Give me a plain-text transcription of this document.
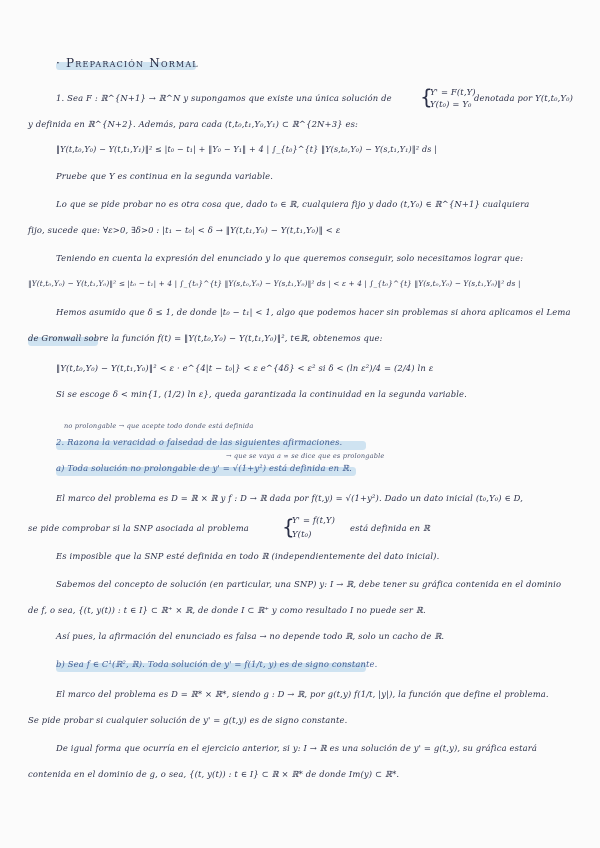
· Preparación Normal
1. Sea F : ℝ^{N+1} → ℝ^N y supongamos que existe una única solución de {
Y' = F(t,Y)
Y(t₀) = Y₀
denotada por Y(t,t₀,Y₀)
y definida en ℝ^{N+2}. Además, para cada (t,t₀,t₁,Y₀,Y₁) ⊂ ℝ^{2N+3} es:
‖Y(t,t₀,Y₀) − Y(t,t₁,Y₁)‖² ≤ |t₀ − t₁| + ‖Y₀ − Y₁‖ + 4 | ∫_{t₀}^{t} ‖Y(s,t₀,Y₀) − Y(s,t₁,Y₁)‖² ds |
Pruebe que Y es continua en la segunda variable.
Lo que se pide probar no es otra cosa que, dado t₀ ∈ ℝ, cualquiera fijo y dado (t,Y₀) ∈ ℝ^{N+1} cualquiera
fijo, sucede que: ∀ε>0, ∃δ>0 : |t₁ − t₀| < δ → ‖Y(t,t₁,Y₀) − Y(t,t₁,Y₀)‖ < ε
Teniendo en cuenta la expresión del enunciado y lo que queremos conseguir, solo necesitamos lograr que:
‖Y(t,t₀,Y₀) − Y(t,t₁,Y₀)‖² ≤ |t₀ − t₁| + 4 | ∫_{t₀}^{t} ‖Y(s,t₀,Y₀) − Y(s,t₁,Y₀)‖² ds | < ε + 4 | ∫_{t₀}^{t} ‖Y(s,t₀,Y₀) − Y(s,t₁,Y₀)‖² ds |
Hemos asumido que δ ≤ 1, de donde |t₀ − t₁| < 1, algo que podemos hacer sin problemas si ahora aplicamos el Lema
de Gronwall sobre la función f(t) = ‖Y(t,t₀,Y₀) − Y(t,t₁,Y₀)‖², t∈ℝ, obtenemos que:
‖Y(t,t₀,Y₀) − Y(t,t₁,Y₀)‖² < ε · e^{4|t − t₀|} < ε e^{4δ} < ε² si δ < (ln ε²)/4 = (2/4) ln ε
Si se escoge δ < min{1, (1/2) ln ε}, queda garantizada la continuidad en la segunda variable.
no prolongable → que acepte todo donde está definida
2. Razona la veracidad o falsedad de las siguientes afirmaciones.
→ que se vaya a ∞ se dice que es prolongable
a) Toda solución no prolongable de y' = √(1+y²) está definida en ℝ.
El marco del problema es D = ℝ × ℝ y f : D → ℝ dada por f(t,y) = √(1+y²). Dado un dato inicial (t₀,Y₀) ∈ D,
se pide comprobar si la SNP asociada al problema {
Y' = f(t,Y)
Y(t₀)
está definida en ℝ
Es imposible que la SNP esté definida en todo ℝ (independientemente del dato inicial).
Sabemos del concepto de solución (en particular, una SNP) y: I → ℝ, debe tener su gráfica contenida en el dominio
de f, o sea, {(t, y(t)) : t ∈ I} ⊂ ℝ⁺ × ℝ, de donde I ⊂ ℝ⁺ y como resultado I no puede ser ℝ.
Así pues, la afirmación del enunciado es falsa → no depende todo ℝ, solo un cacho de ℝ.
b) Sea f ∈ C¹(ℝ², ℝ). Toda solución de y' = f(1/t, y) es de signo constante.
El marco del problema es D = ℝ* × ℝ*, siendo g : D → ℝ, por g(t,y) f(1/t, |y|), la función que define el problema.
Se pide probar si cualquier solución de y' = g(t,y) es de signo constante.
De igual forma que ocurría en el ejercicio anterior, si y: I → ℝ es una solución de y' = g(t,y), su gráfica estará
contenida en el dominio de g, o sea, {(t, y(t)) : t ∈ I} ⊂ ℝ × ℝ* de donde Im(y) ⊂ ℝ*.
